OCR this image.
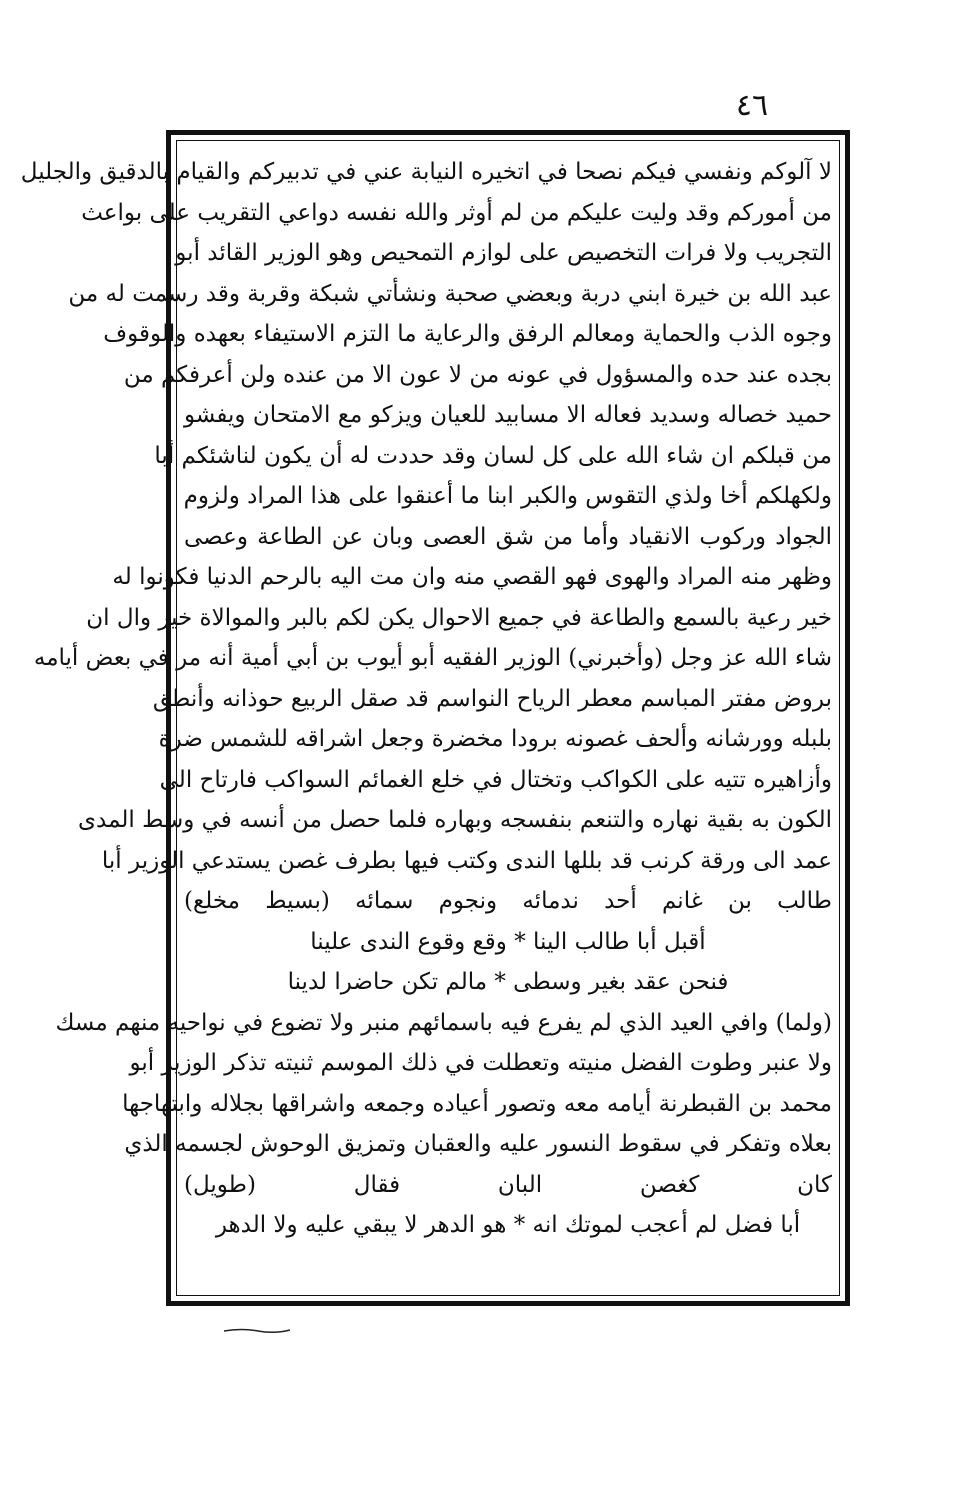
٤٦
لا آلوكم ونفسي فيكم نصحا في اتخيره النيابة عني في تدبيركم والقيام بالدقيق والجليل
من أموركم وقد وليت عليكم من لم أوثر والله نفسه دواعي التقريب على بواعث
التجريب ولا فرات التخصيص على لوازم التمحيص وهو الوزير القائد أبو
عبد الله بن خيرة ابني دربة وبعضي صحبة ونشأتي شبكة وقربة وقد رسمت له من
وجوه الذب والحماية ومعالم الرفق والرعاية ما التزم الاستيفاء بعهده والوقوف
بجده عند حده والمسؤول في عونه من لا عون الا من عنده ولن أعرفكم من
حميد خصاله وسديد فعاله الا مسابيد للعيان ويزكو مع الامتحان ويفشو
من قبلكم ان شاء الله على كل لسان وقد حددت له أن يكون لناشئكم أبا
ولكهلكم أخا ولذي التقوس والكبر ابنا ما أعنقوا على هذا المراد ولزوم
الجواد وركوب الانقياد وأما من شق العصى وبان عن الطاعة وعصى
وظهر منه المراد والهوى فهو القصي منه وان مت اليه بالرحم الدنيا فكونوا له
خير رعية بالسمع والطاعة في جميع الاحوال يكن لكم بالبر والموالاة خير وال ان
شاء الله عز وجل (وأخبرني) الوزير الفقيه أبو أيوب بن أبي أمية أنه مر في بعض أيامه
بروض مفتر المباسم معطر الرياح النواسم قد صقل الربيع حوذانه وأنطق
بلبله وورشانه وألحف غصونه برودا مخضرة وجعل اشراقه للشمس ضرة
وأزاهيره تتيه على الكواكب وتختال في خلع الغمائم السواكب فارتاح الى
الكون به بقية نهاره والتنعم بنفسجه وبهاره فلما حصل من أنسه في وسط المدى
عمد الى ورقة كرنب قد بللها الندى وكتب فيها بطرف غصن يستدعي الوزير أبا
طالب بن غانم أحد ندمائه ونجوم سمائه (بسيط مخلع)
أقبل أبا طالب الينا * وقع وقوع الندى علينا
فنحن عقد بغير وسطى * مالم تكن حاضرا لدينا
(ولما) وافي العيد الذي لم يفرع فيه باسمائهم منبر ولا تضوع في نواحيه منهم مسك
ولا عنبر وطوت الفضل منيته وتعطلت في ذلك الموسم ثنيته تذكر الوزير أبو
محمد بن القبطرنة أيامه معه وتصور أعياده وجمعه واشراقها بجلاله وابتهاجها
بعلاه وتفكر في سقوط النسور عليه والعقبان وتمزيق الوحوش لجسمه الذي
كان كغصن البان فقال (طويل)
أبا فضل لم أعجب لموتك انه * هو الدهر لا يبقي عليه ولا الدهر
